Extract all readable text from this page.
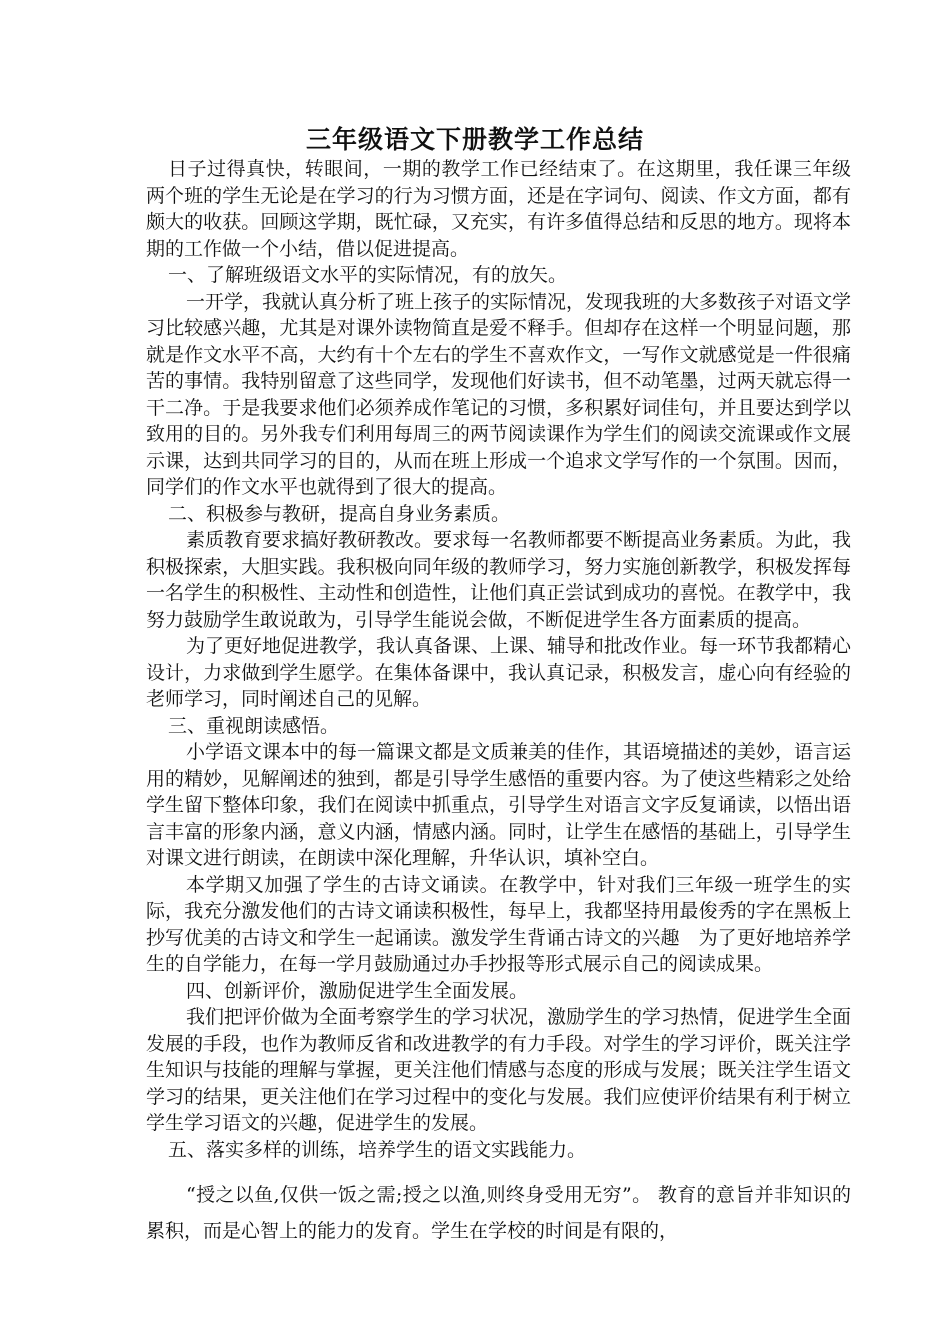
三年级语文下册教学工作总结

日子过得真快，转眼间，一期的教学工作已经结束了。在这期里，我任课三年级两个班的学生无论是在学习的行为习惯方面，还是在字词句、阅读、作文方面，都有颇大的收获。回顾这学期，既忙碌，又充实，有许多值得总结和反思的地方。现将本期的工作做一个小结，借以促进提高。

一、了解班级语文水平的实际情况，有的放矢。

一开学，我就认真分析了班上孩子的实际情况，发现我班的大多数孩子对语文学习比较感兴趣，尤其是对课外读物简直是爱不释手。但却存在这样一个明显问题，那就是作文水平不高，大约有十个左右的学生不喜欢作文，一写作文就感觉是一件很痛苦的事情。我特别留意了这些同学，发现他们好读书，但不动笔墨，过两天就忘得一干二净。于是我要求他们必须养成作笔记的习惯，多积累好词佳句，并且要达到学以致用的目的。另外我专们利用每周三的两节阅读课作为学生们的阅读交流课或作文展示课，达到共同学习的目的，从而在班上形成一个追求文学写作的一个氛围。因而，同学们的作文水平也就得到了很大的提高。

二、积极参与教研，提高自身业务素质。

素质教育要求搞好教研教改。要求每一名教师都要不断提高业务素质。为此，我积极探索，大胆实践。我积极向同年级的教师学习，努力实施创新教学，积极发挥每一名学生的积极性、主动性和创造性，让他们真正尝试到成功的喜悦。在教学中，我努力鼓励学生敢说敢为，引导学生能说会做，不断促进学生各方面素质的提高。

为了更好地促进教学，我认真备课、上课、辅导和批改作业。每一环节我都精心设计，力求做到学生愿学。在集体备课中，我认真记录，积极发言，虚心向有经验的老师学习，同时阐述自己的见解。

三、重视朗读感悟。

小学语文课本中的每一篇课文都是文质兼美的佳作，其语境描述的美妙，语言运用的精妙，见解阐述的独到，都是引导学生感悟的重要内容。为了使这些精彩之处给学生留下整体印象，我们在阅读中抓重点，引导学生对语言文字反复诵读，以悟出语言丰富的形象内涵，意义内涵，情感内涵。同时，让学生在感悟的基础上，引导学生对课文进行朗读，在朗读中深化理解，升华认识，填补空白。

本学期又加强了学生的古诗文诵读。在教学中，针对我们三年级一班学生的实际，我充分激发他们的古诗文诵读积极性，每早上，我都坚持用最俊秀的字在黑板上抄写优美的古诗文和学生一起诵读。激发学生背诵古诗文的兴趣　为了更好地培养学生的自学能力，在每一学月鼓励通过办手抄报等形式展示自己的阅读成果。

四、创新评价，激励促进学生全面发展。

我们把评价做为全面考察学生的学习状况，激励学生的学习热情，促进学生全面发展的手段，也作为教师反省和改进教学的有力手段。对学生的学习评价，既关注学生知识与技能的理解与掌握，更关注他们情感与态度的形成与发展；既关注学生语文学习的结果，更关注他们在学习过程中的变化与发展。我们应使评价结果有利于树立学生学习语文的兴趣，促进学生的发展。

五、落实多样的训练，培养学生的语文实践能力。

“授之以鱼,仅供一饭之需;授之以渔,则终身受用无穷”。 教育的意旨并非知识的累积，而是心智上的能力的发育。学生在学校的时间是有限的，
